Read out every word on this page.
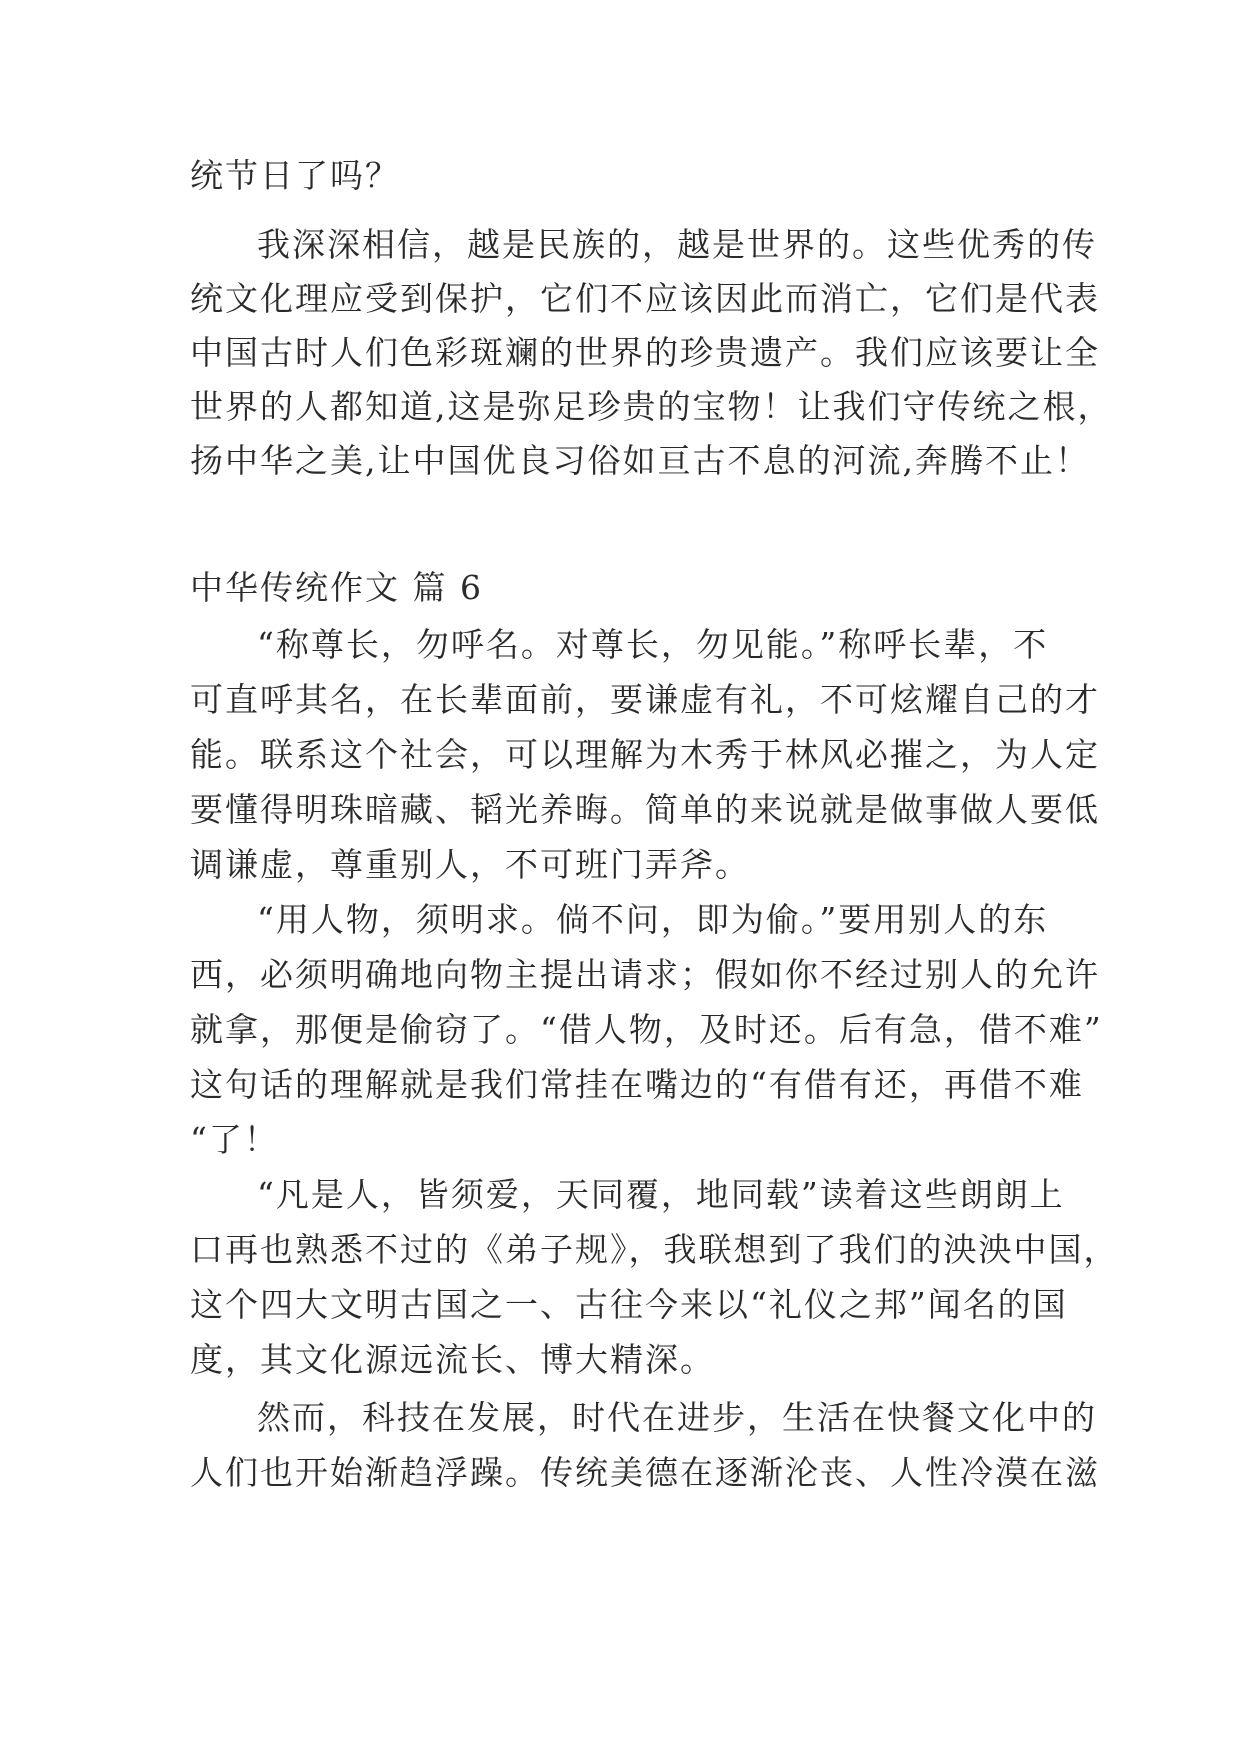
统节日了吗？
我深深相信，越是民族的，越是世界的。这些优秀的传
统文化理应受到保护，它们不应该因此而消亡，它们是代表
中国古时人们色彩斑斓的世界的珍贵遗产。我们应该要让全
世界的人都知道,这是弥足珍贵的宝物！让我们守传统之根，
扬中华之美,让中国优良习俗如亘古不息的河流,奔腾不止！
中华传统作文 篇 6
“称尊长，勿呼名。对尊长，勿见能。”称呼长辈，不
可直呼其名，在长辈面前，要谦虚有礼，不可炫耀自己的才
能。联系这个社会，可以理解为木秀于林风必摧之，为人定
要懂得明珠暗藏、韬光养晦。简单的来说就是做事做人要低
调谦虚，尊重别人，不可班门弄斧。
“用人物，须明求。倘不问，即为偷。”要用别人的东
西，必须明确地向物主提出请求；假如你不经过别人的允许
就拿，那便是偷窃了。“借人物，及时还。后有急，借不难”
这句话的理解就是我们常挂在嘴边的“有借有还，再借不难
“了！
“凡是人，皆须爱，天同覆，地同载”读着这些朗朗上
口再也熟悉不过的《弟子规》，我联想到了我们的泱泱中国，
这个四大文明古国之一、古往今来以“礼仪之邦”闻名的国
度，其文化源远流长、博大精深。
然而，科技在发展，时代在进步，生活在快餐文化中的
人们也开始渐趋浮躁。传统美德在逐渐沦丧、人性冷漠在滋
